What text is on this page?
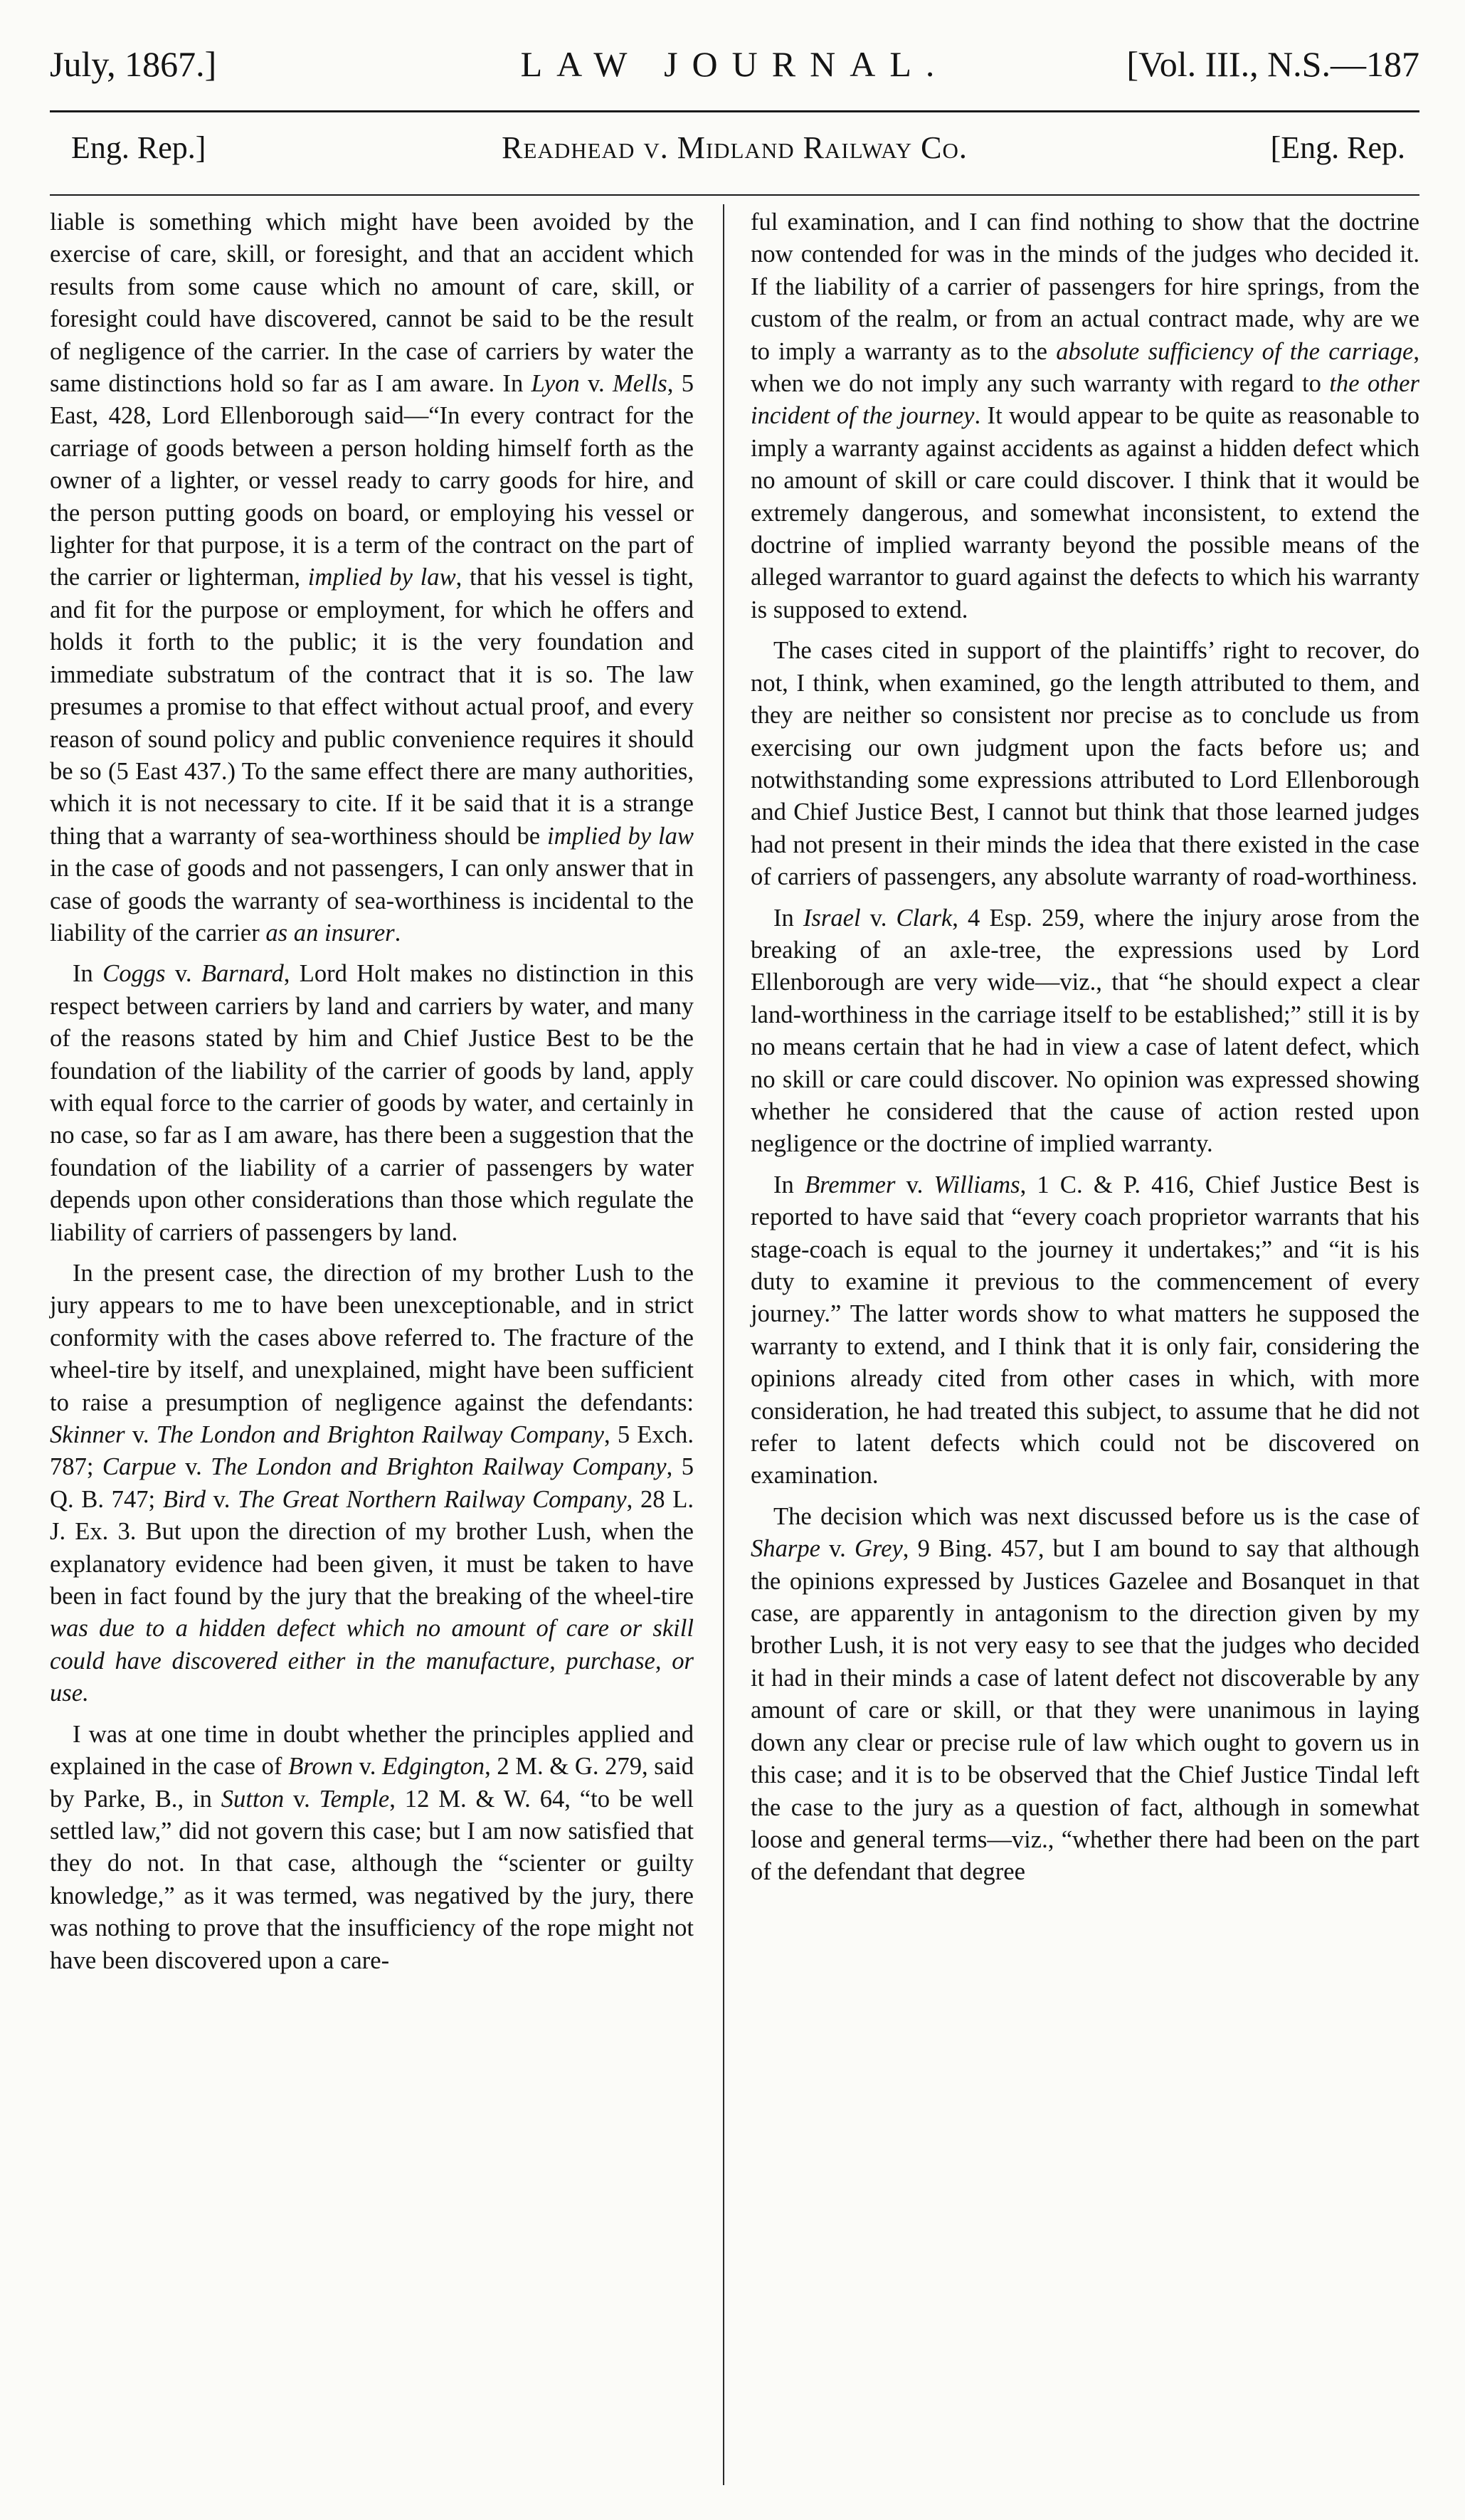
July, 1867.]	LAW JOURNAL.	[Vol. III., N.S.—187
Eng. Rep.]	Readhead v. Midland Railway Co.	[Eng. Rep.

liable is something which might have been avoided by the exercise of care, skill, or foresight, and that an accident which results from some cause which no amount of care, skill, or foresight could have discovered, cannot be said to be the result of negligence of the carrier. In the case of carriers by water the same distinctions hold so far as I am aware. In Lyon v. Mells, 5 East, 428, Lord Ellenborough said—“In every contract for the carriage of goods between a person holding himself forth as the owner of a lighter, or vessel ready to carry goods for hire, and the person putting goods on board, or employing his vessel or lighter for that purpose, it is a term of the contract on the part of the carrier or lighterman, implied by law, that his vessel is tight, and fit for the purpose or employment, for which he offers and holds it forth to the public; it is the very foundation and immediate substratum of the contract that it is so. The law presumes a promise to that effect without actual proof, and every reason of sound policy and public convenience requires it should be so (5 East 437.) To the same effect there are many authorities, which it is not necessary to cite. If it be said that it is a strange thing that a warranty of sea-worthiness should be implied by law in the case of goods and not passengers, I can only answer that in case of goods the warranty of sea-worthiness is incidental to the liability of the carrier as an insurer.

In Coggs v. Barnard, Lord Holt makes no distinction in this respect between carriers by land and carriers by water, and many of the reasons stated by him and Chief Justice Best to be the foundation of the liability of the carrier of goods by land, apply with equal force to the carrier of goods by water, and certainly in no case, so far as I am aware, has there been a suggestion that the foundation of the liability of a carrier of passengers by water depends upon other considerations than those which regulate the liability of carriers of passengers by land.

In the present case, the direction of my brother Lush to the jury appears to me to have been unexceptionable, and in strict conformity with the cases above referred to. The fracture of the wheel-tire by itself, and unexplained, might have been sufficient to raise a presumption of negligence against the defendants: Skinner v. The London and Brighton Railway Company, 5 Exch. 787; Carpue v. The London and Brighton Railway Company, 5 Q. B. 747; Bird v. The Great Northern Railway Company, 28 L. J. Ex. 3. But upon the direction of my brother Lush, when the explanatory evidence had been given, it must be taken to have been in fact found by the jury that the breaking of the wheel-tire was due to a hidden defect which no amount of care or skill could have discovered either in the manufacture, purchase, or use.

I was at one time in doubt whether the principles applied and explained in the case of Brown v. Edgington, 2 M. & G. 279, said by Parke, B., in Sutton v. Temple, 12 M. & W. 64, “to be well settled law,” did not govern this case; but I am now satisfied that they do not. In that case, although the “scienter or guilty knowledge,” as it was termed, was negatived by the jury, there was nothing to prove that the insufficiency of the rope might not have been discovered upon a care-

ful examination, and I can find nothing to show that the doctrine now contended for was in the minds of the judges who decided it. If the liability of a carrier of passengers for hire springs, from the custom of the realm, or from an actual contract made, why are we to imply a warranty as to the absolute sufficiency of the carriage, when we do not imply any such warranty with regard to the other incident of the journey. It would appear to be quite as reasonable to imply a warranty against accidents as against a hidden defect which no amount of skill or care could discover. I think that it would be extremely dangerous, and somewhat inconsistent, to extend the doctrine of implied warranty beyond the possible means of the alleged warrantor to guard against the defects to which his warranty is supposed to extend.

The cases cited in support of the plaintiffs’ right to recover, do not, I think, when examined, go the length attributed to them, and they are neither so consistent nor precise as to conclude us from exercising our own judgment upon the facts before us; and notwithstanding some expressions attributed to Lord Ellenborough and Chief Justice Best, I cannot but think that those learned judges had not present in their minds the idea that there existed in the case of carriers of passengers, any absolute warranty of road-worthiness.

In Israel v. Clark, 4 Esp. 259, where the injury arose from the breaking of an axle-tree, the expressions used by Lord Ellenborough are very wide—viz., that “he should expect a clear land-worthiness in the carriage itself to be established;” still it is by no means certain that he had in view a case of latent defect, which no skill or care could discover. No opinion was expressed showing whether he considered that the cause of action rested upon negligence or the doctrine of implied warranty.

In Bremmer v. Williams, 1 C. & P. 416, Chief Justice Best is reported to have said that “every coach proprietor warrants that his stage-coach is equal to the journey it undertakes;” and “it is his duty to examine it previous to the commencement of every journey.” The latter words show to what matters he supposed the warranty to extend, and I think that it is only fair, considering the opinions already cited from other cases in which, with more consideration, he had treated this subject, to assume that he did not refer to latent defects which could not be discovered on examination.

The decision which was next discussed before us is the case of Sharpe v. Grey, 9 Bing. 457, but I am bound to say that although the opinions expressed by Justices Gazelee and Bosanquet in that case, are apparently in antagonism to the direction given by my brother Lush, it is not very easy to see that the judges who decided it had in their minds a case of latent defect not discoverable by any amount of care or skill, or that they were unanimous in laying down any clear or precise rule of law which ought to govern us in this case; and it is to be observed that the Chief Justice Tindal left the case to the jury as a question of fact, although in somewhat loose and general terms—viz., “whether there had been on the part of the defendant that degree
